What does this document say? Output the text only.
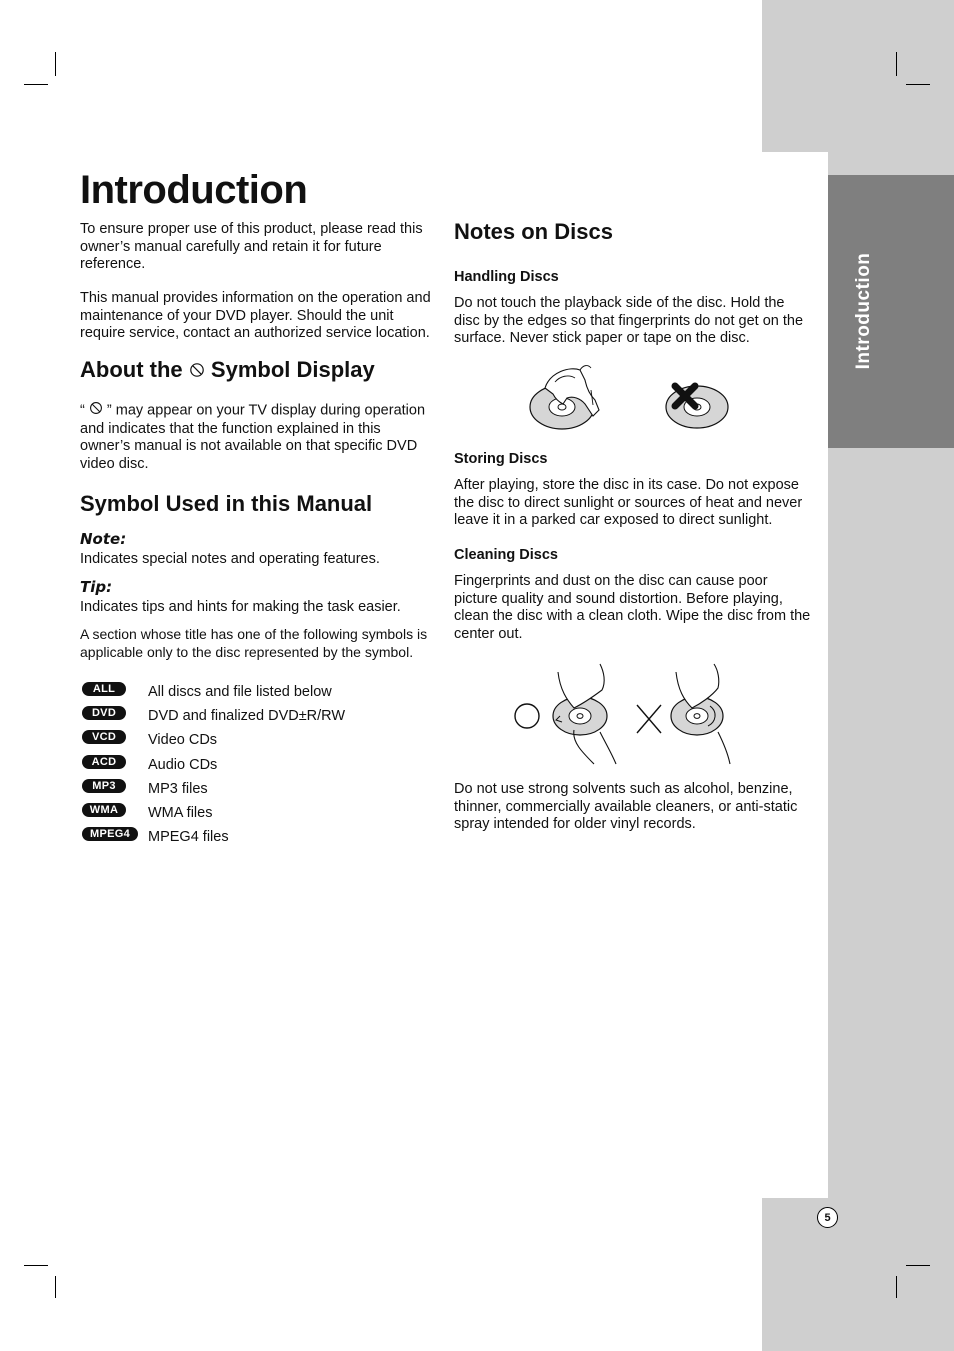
Introduction
5
Introduction

To ensure proper use of this product, please read this owner’s manual carefully and retain it for future reference.

This manual provides information on the operation and maintenance of your DVD player. Should the unit require service, contact an authorized service location.

About the Symbol Display

“ ” may appear on your TV display during operation and indicates that the function explained in this owner’s manual is not available on that specific DVD video disc.

Symbol Used in this Manual
Note:

Indicates special notes and operating features.

Tip:

Indicates tips and hints for making the task easier.

A section whose title has one of the following symbols is applicable only to the disc represented by the symbol.

ALL	All discs and file listed below
DVD	DVD and finalized DVD±R/RW
VCD	Video CDs
ACD	Audio CDs
MP3	MP3 files
WMA	WMA files
MPEG4	MPEG4 files
Notes on Discs
Handling Discs

Do not touch the playback side of the disc. Hold the disc by the edges so that fingerprints do not get on the surface. Never stick paper or tape on the disc.

Storing Discs

After playing, store the disc in its case. Do not expose the disc to direct sunlight or sources of heat and never leave it in a parked car exposed to direct sunlight.

Cleaning Discs

Fingerprints and dust on the disc can cause poor picture quality and sound distortion. Before playing, clean the disc with a clean cloth. Wipe the disc from the center out.

Do not use strong solvents such as alcohol, benzine, thinner, commercially available cleaners, or anti-static spray intended for older vinyl records.
